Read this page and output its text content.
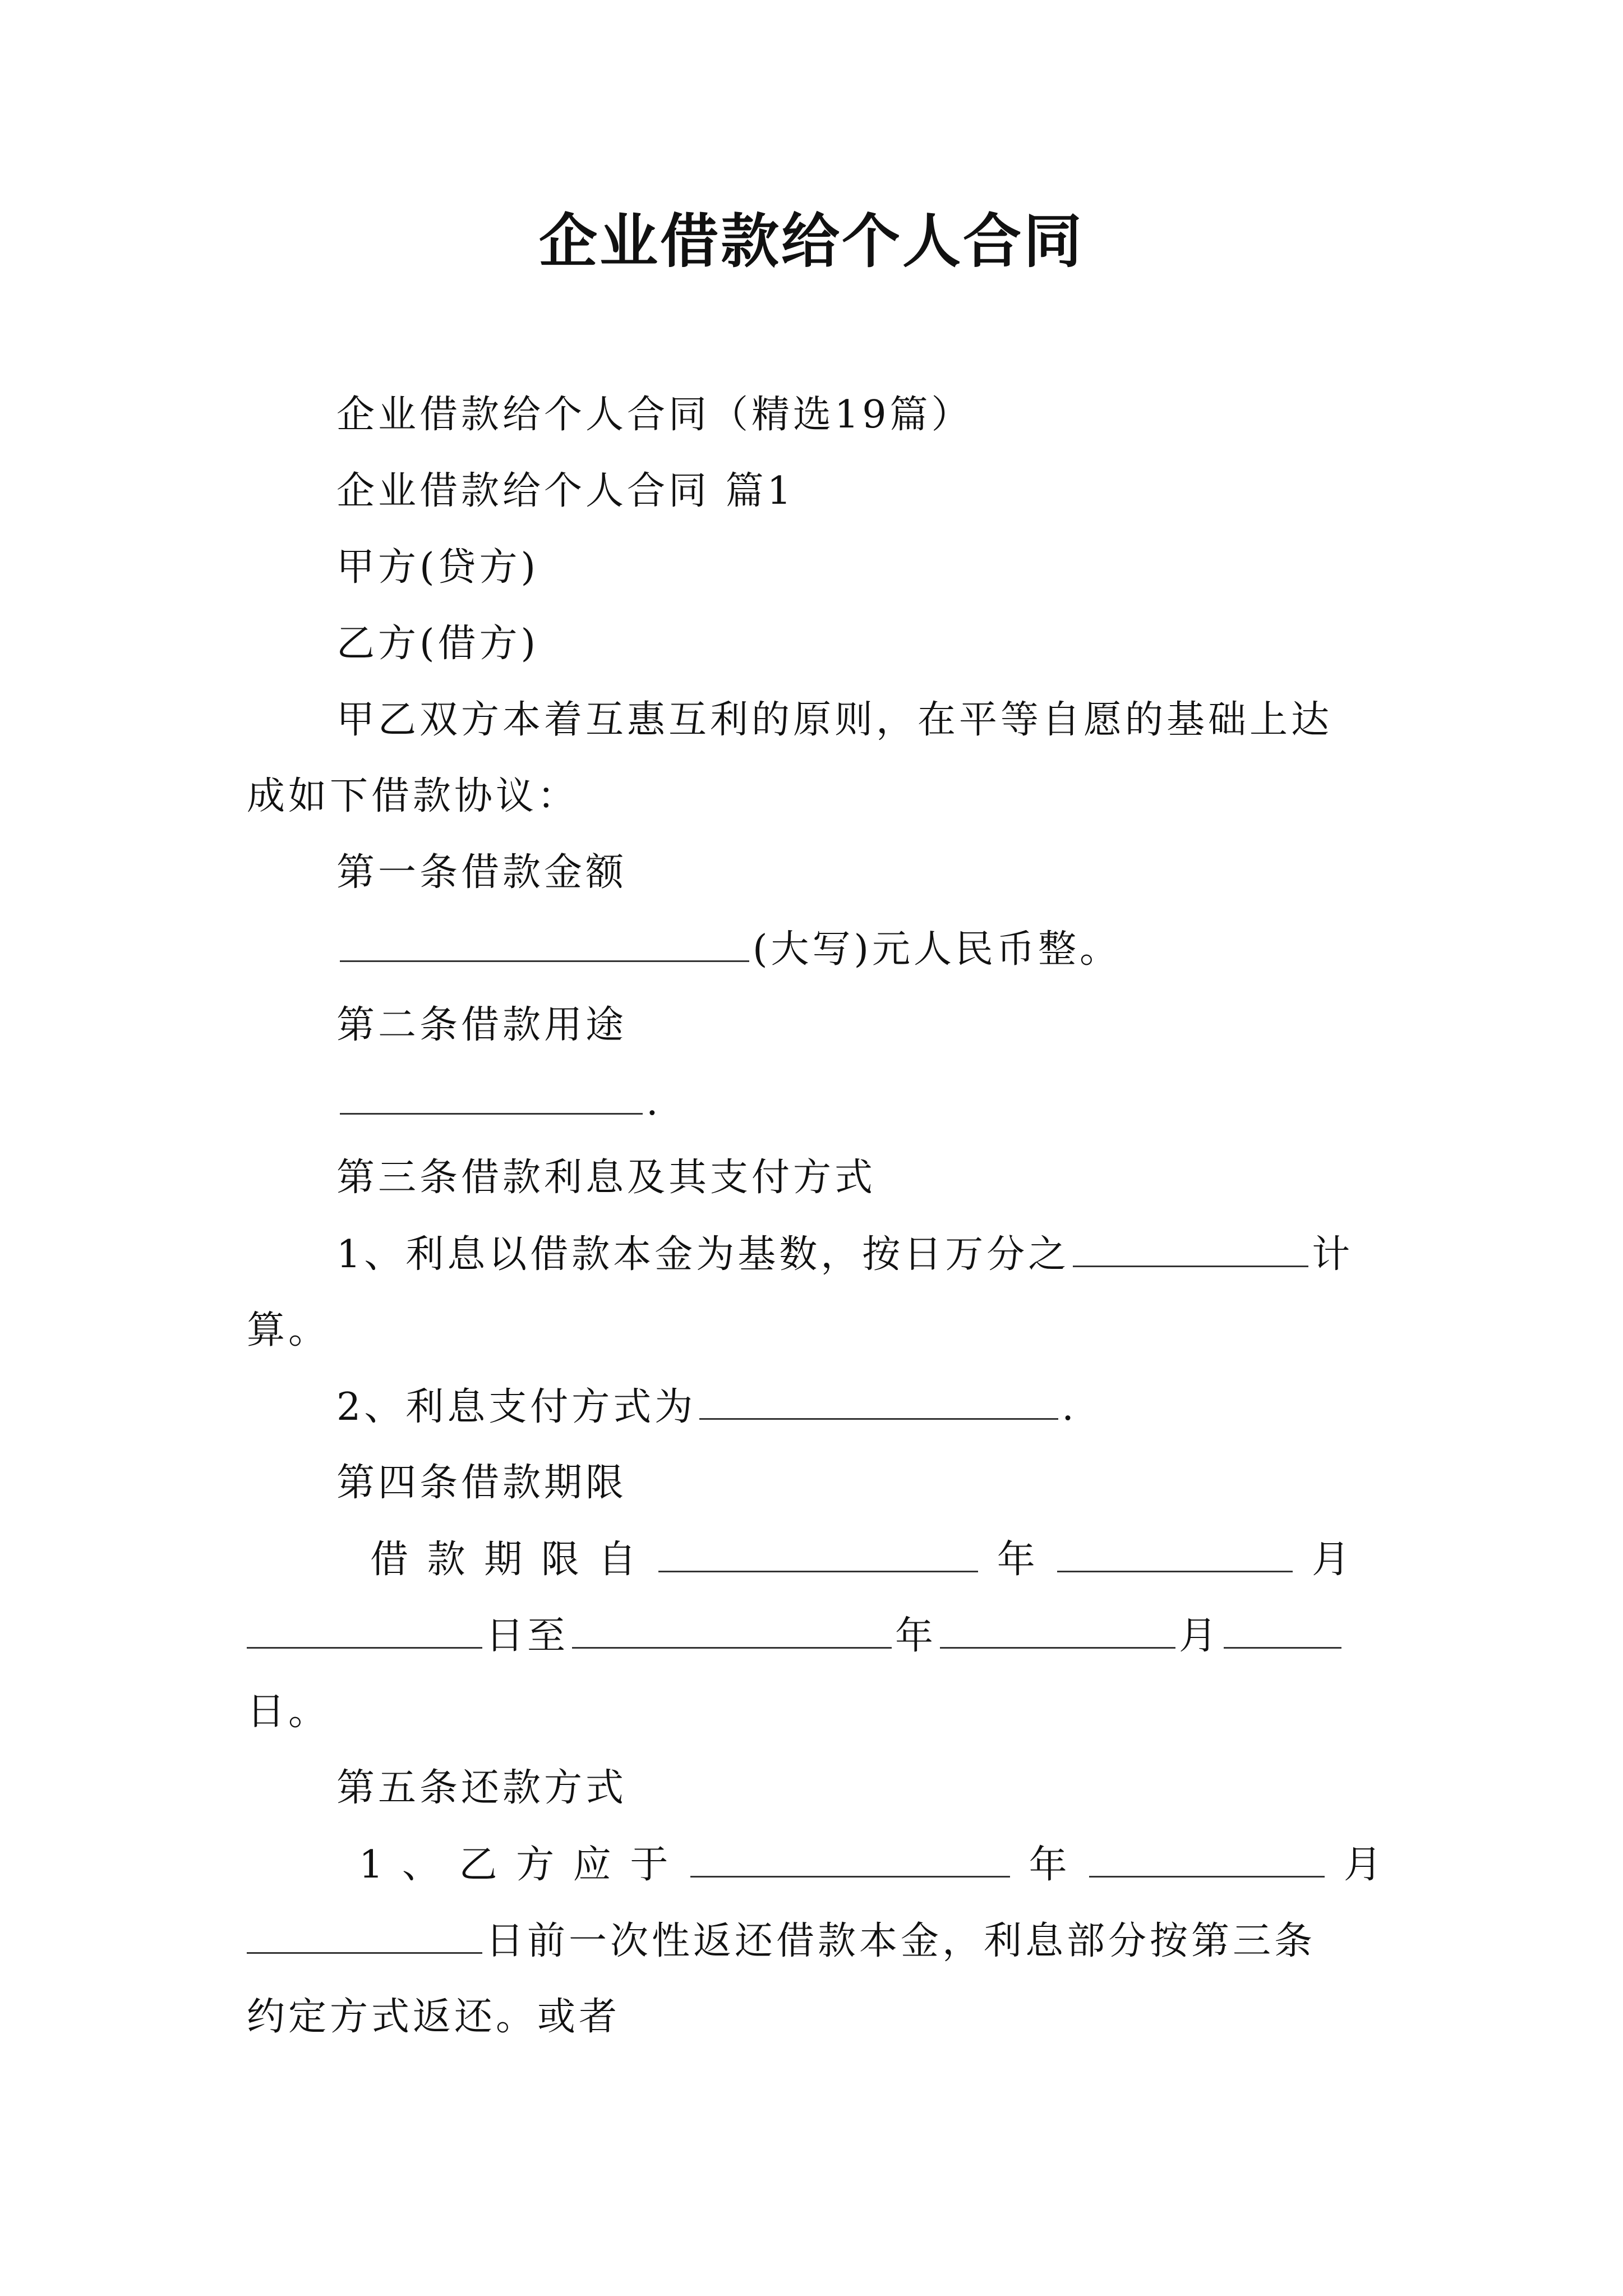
企业借款给个人合同
企业借款给个人合同（精选19篇）
企业借款给个人合同 篇1
甲方(贷方)
乙方(借方)
甲乙双方本着互惠互利的原则，在平等自愿的基础上达
成如下借款协议：
第一条借款金额
(大写)元人民币整。
第二条借款用途
.
第三条借款利息及其支付方式
1、利息以借款本金为基数，按日万分之	计
算。
2、利息支付方式为	.
第四条借款期限
借 款 期 限 自	年	月
日至	年	月
日。
第五条还款方式
1 、 乙 方 应 于	年	月
日前一次性返还借款本金，利息部分按第三条
约定方式返还。或者
